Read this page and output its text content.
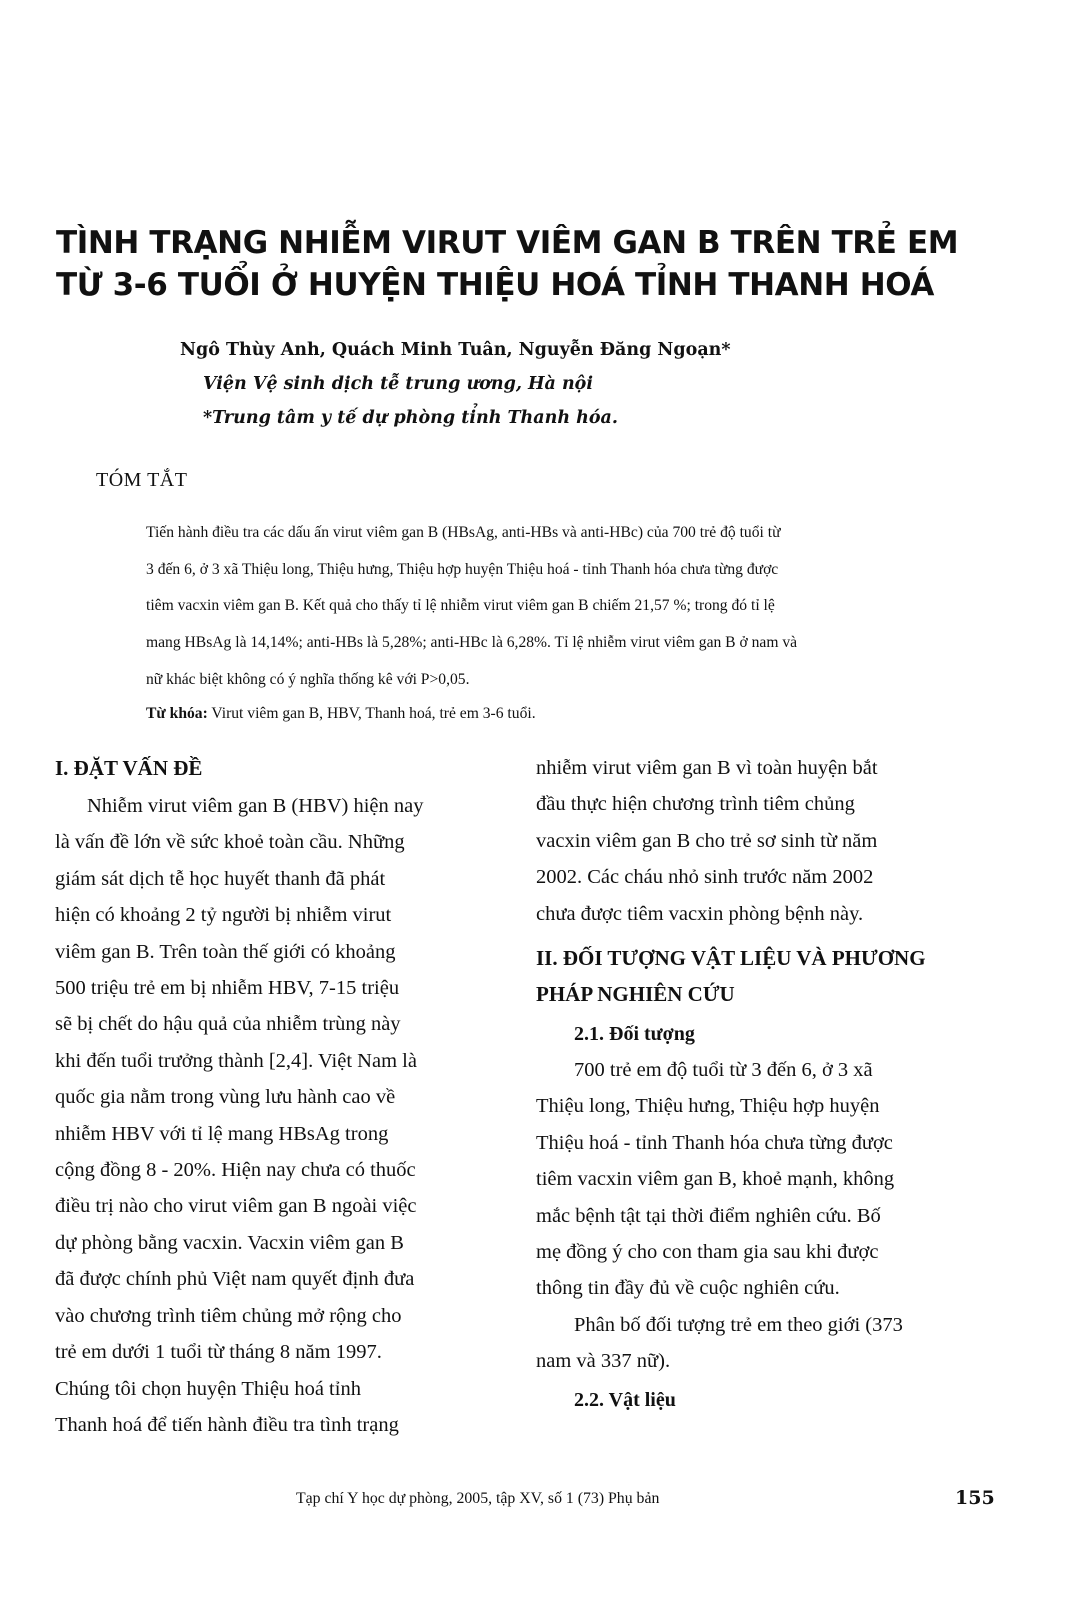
TÌNH TRẠNG NHIỄM VIRUT VIÊM GAN B TRÊN TRẺ EM
TỪ 3-6 TUỔI Ở HUYỆN THIỆU HOÁ TỈNH THANH HOÁ
Ngô Thùy Anh, Quách Minh Tuân, Nguyễn Đăng Ngoạn*
Viện Vệ sinh dịch tễ trung ương, Hà nội
*Trung tâm y tế dự phòng tỉnh Thanh hóa.
TÓM TẮT

Tiến hành điều tra các dấu ấn virut viêm gan B (HBsAg, anti-HBs và anti-HBc) của 700 trẻ độ tuổi từ
3 đến 6, ở 3 xã Thiệu long, Thiệu hưng, Thiệu hợp huyện Thiệu hoá - tỉnh Thanh hóa chưa từng được
tiêm vacxin viêm gan B. Kết quả cho thấy tỉ lệ nhiễm virut viêm gan B chiếm 21,57 %; trong đó tỉ lệ
mang HBsAg là 14,14%; anti-HBs là 5,28%; anti-HBc là 6,28%. Tỉ lệ nhiễm virut viêm gan B ở nam và
nữ khác biệt không có ý nghĩa thống kê với P>0,05.

Từ khóa: Virut viêm gan B, HBV, Thanh hoá, trẻ em 3-6 tuổi.

I. ĐẶT VẤN ĐỀ
Nhiễm virut viêm gan B (HBV) hiện nay
là vấn đề lớn về sức khoẻ toàn cầu. Những
giám sát dịch tễ học huyết thanh đã phát
hiện có khoảng 2 tỷ người bị nhiễm virut
viêm gan B. Trên toàn thế giới có khoảng
500 triệu trẻ em bị nhiễm HBV, 7-15 triệu
sẽ bị chết do hậu quả của nhiễm trùng này
khi đến tuổi trưởng thành [2,4]. Việt Nam là
quốc gia nằm trong vùng lưu hành cao về
nhiễm HBV với tỉ lệ mang HBsAg trong
cộng đồng 8 - 20%. Hiện nay chưa có thuốc
điều trị nào cho virut viêm gan B ngoài việc
dự phòng bằng vacxin. Vacxin viêm gan B
đã được chính phủ Việt nam quyết định đưa
vào chương trình tiêm chủng mở rộng cho
trẻ em dưới 1 tuổi từ tháng 8 năm 1997.
Chúng tôi chọn huyện Thiệu hoá tỉnh
Thanh hoá để tiến hành điều tra tình trạng
nhiễm virut viêm gan B vì toàn huyện bắt
đầu thực hiện chương trình tiêm chủng
vacxin viêm gan B cho trẻ sơ sinh từ năm
2002. Các cháu nhỏ sinh trước năm 2002
chưa được tiêm vacxin phòng bệnh này.
II. ĐỐI TƯỢNG VẬT LIỆU VÀ PHƯƠNG
PHÁP NGHIÊN CỨU
2.1. Đối tượng
700 trẻ em độ tuổi từ 3 đến 6, ở 3 xã
Thiệu long, Thiệu hưng, Thiệu hợp huyện
Thiệu hoá - tỉnh Thanh hóa chưa từng được
tiêm vacxin viêm gan B, khoẻ mạnh, không
mắc bệnh tật tại thời điểm nghiên cứu. Bố
mẹ đồng ý cho con tham gia sau khi được
thông tin đầy đủ về cuộc nghiên cứu.
Phân bố đối tượng trẻ em theo giới (373
nam và 337 nữ).
2.2. Vật liệu
Tạp chí Y học dự phòng, 2005, tập XV, số 1 (73) Phụ bản	155
